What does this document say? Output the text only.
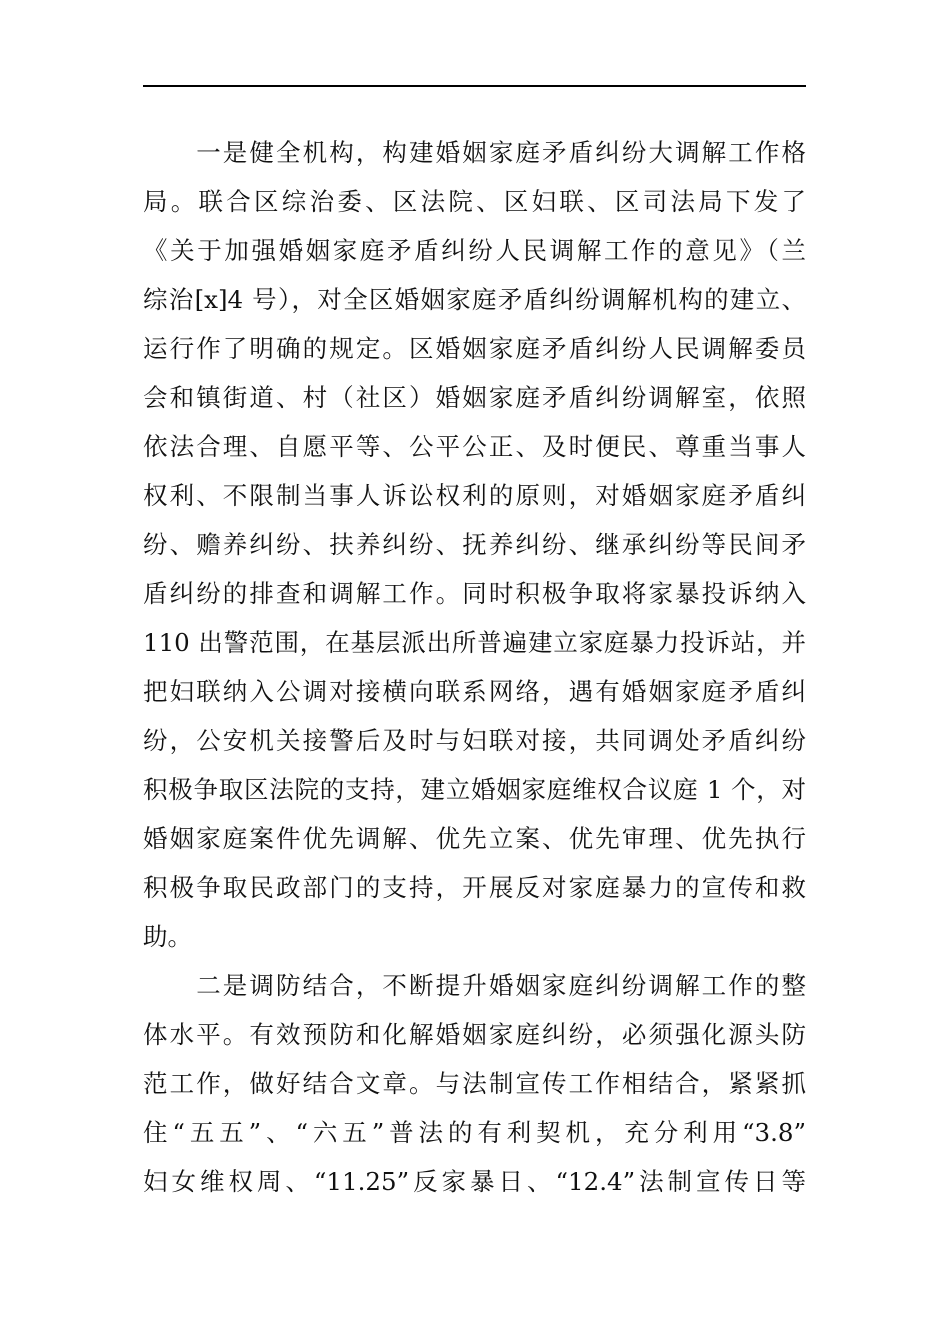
　　一是健全机构，构建婚姻家庭矛盾纠纷大调解工作格
局。联合区综治委、区法院、区妇联、区司法局下发了
《关于加强婚姻家庭矛盾纠纷人民调解工作的意见》（兰
综治[x]4 号），对全区婚姻家庭矛盾纠纷调解机构的建立、
运行作了明确的规定。区婚姻家庭矛盾纠纷人民调解委员
会和镇街道、村（社区）婚姻家庭矛盾纠纷调解室，依照
依法合理、自愿平等、公平公正、及时便民、尊重当事人
权利、不限制当事人诉讼权利的原则，对婚姻家庭矛盾纠
纷、赡养纠纷、扶养纠纷、抚养纠纷、继承纠纷等民间矛
盾纠纷的排查和调解工作。同时积极争取将家暴投诉纳入
110 出警范围，在基层派出所普遍建立家庭暴力投诉站，并
把妇联纳入公调对接横向联系网络，遇有婚姻家庭矛盾纠
纷，公安机关接警后及时与妇联对接，共同调处矛盾纠纷
积极争取区法院的支持，建立婚姻家庭维权合议庭 1 个，对
婚姻家庭案件优先调解、优先立案、优先审理、优先执行
积极争取民政部门的支持，开展反对家庭暴力的宣传和救
助。
　　二是调防结合，不断提升婚姻家庭纠纷调解工作的整
体水平。有效预防和化解婚姻家庭纠纷，必须强化源头防
范工作，做好结合文章。与法制宣传工作相结合，紧紧抓
住“五五”、“六五”普法的有利契机，充分利用“3.8”
妇女维权周、“11.25”反家暴日、“12.4”法制宣传日等
